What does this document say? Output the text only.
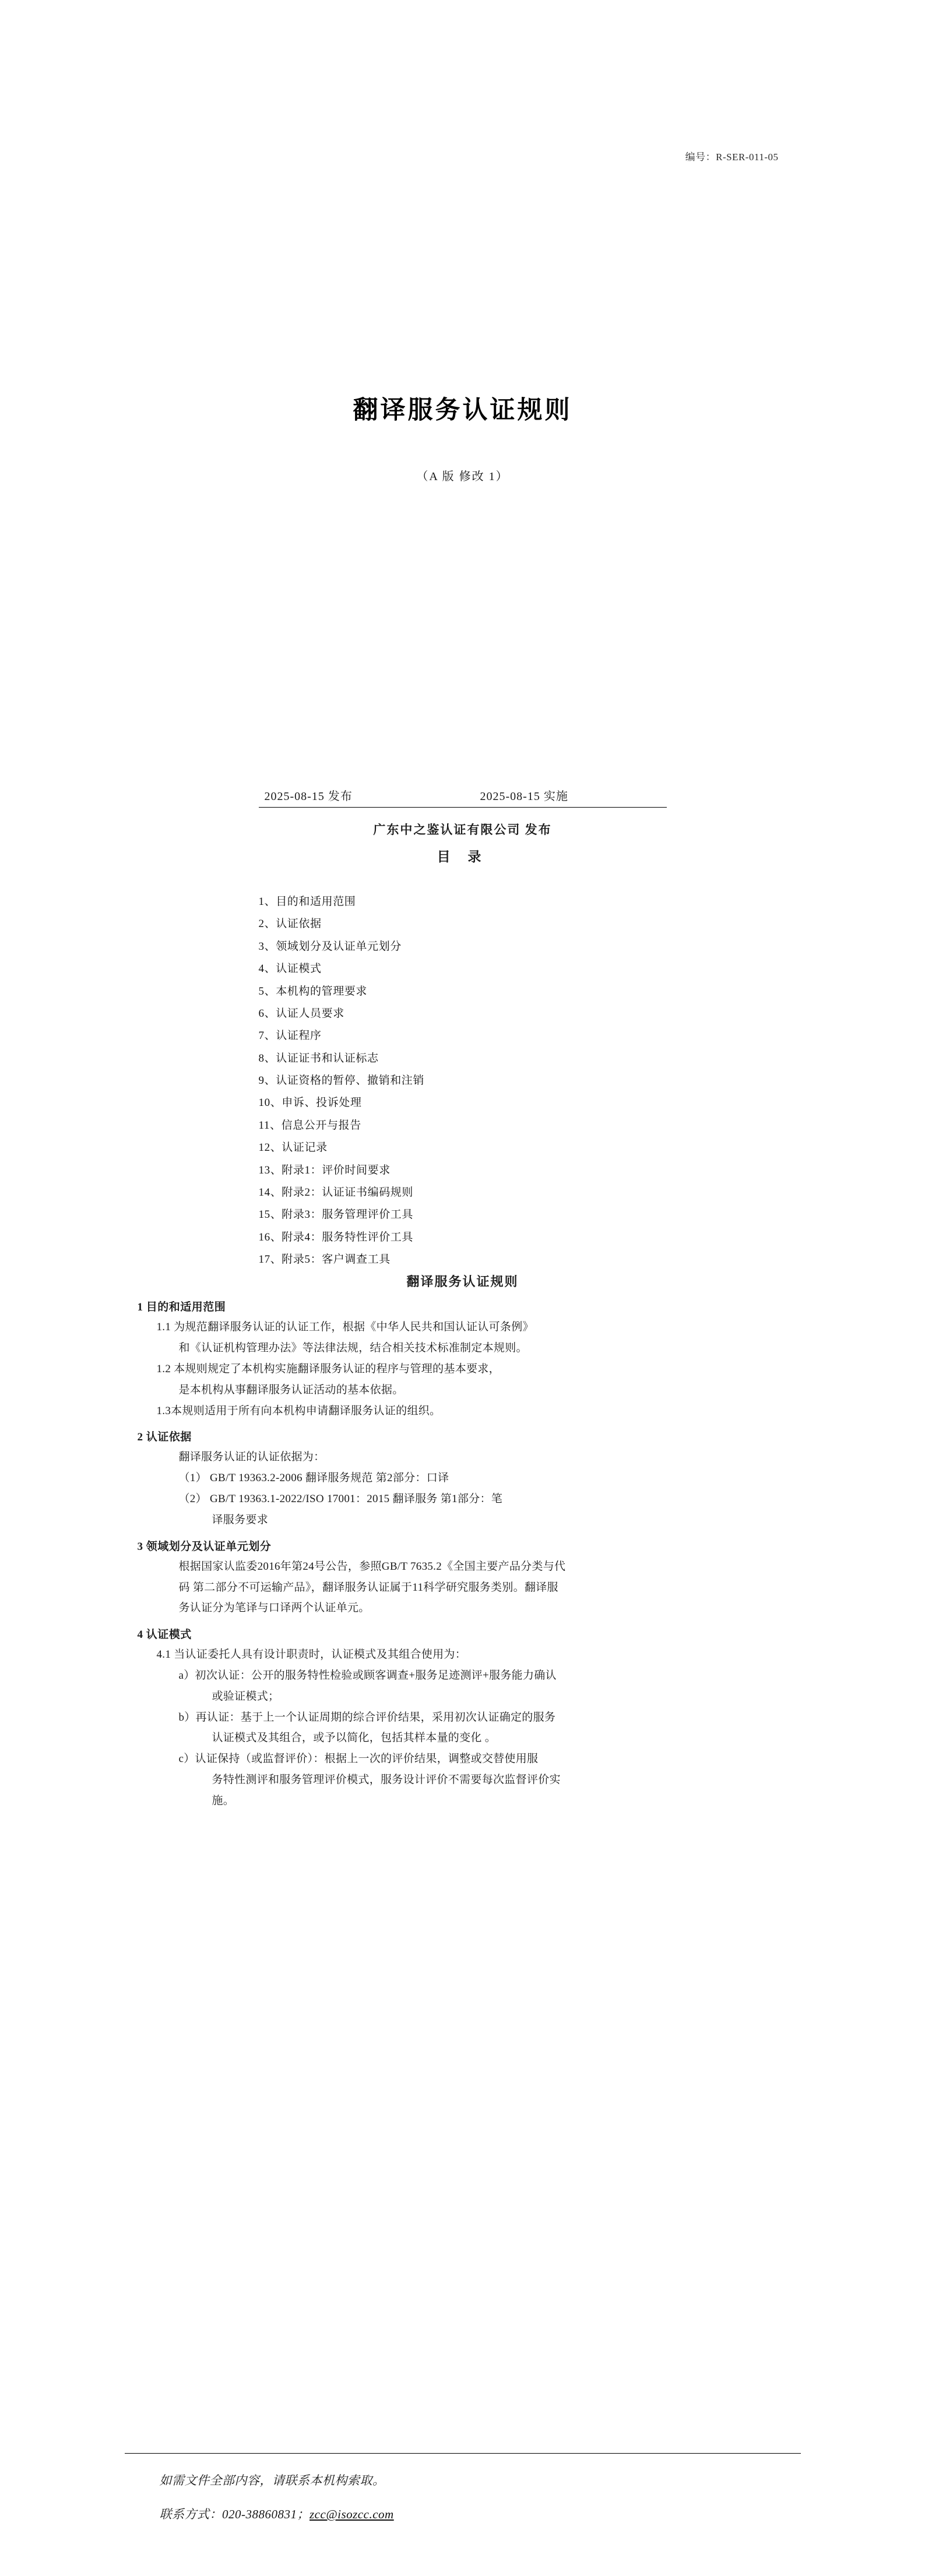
编号：R-SER-011-05
翻译服务认证规则
（A 版 修改 1）
2025-08-15 发布	2025-08-15 实施
广东中之鉴认证有限公司 发布
目 录
1、目的和适用范围
2、认证依据
3、领域划分及认证单元划分
4、认证模式
5、本机构的管理要求
6、认证人员要求
7、认证程序
8、认证证书和认证标志
9、认证资格的暂停、撤销和注销
10、申诉、投诉处理
11、信息公开与报告
12、认证记录
13、附录1：评价时间要求
14、附录2：认证证书编码规则
15、附录3：服务管理评价工具
16、附录4：服务特性评价工具
17、附录5：客户调查工具
翻译服务认证规则
1 目的和适用范围
1.1 为规范翻译服务认证的认证工作，根据《中华人民共和国认证认可条例》
和《认证机构管理办法》等法律法规，结合相关技术标准制定本规则。
1.2 本规则规定了本机构实施翻译服务认证的程序与管理的基本要求，
是本机构从事翻译服务认证活动的基本依据。
1.3本规则适用于所有向本机构申请翻译服务认证的组织。
2 认证依据
翻译服务认证的认证依据为：
（1） GB/T 19363.2-2006 翻译服务规范 第2部分：口译
（2） GB/T 19363.1-2022/ISO 17001：2015 翻译服务 第1部分：笔
译服务要求
3 领域划分及认证单元划分
根据国家认监委2016年第24号公告，参照GB/T 7635.2《全国主要产品分类与代
码 第二部分不可运输产品》，翻译服务认证属于11科学研究服务类别。翻译服
务认证分为笔译与口译两个认证单元。
4 认证模式
4.1 当认证委托人具有设计职责时，认证模式及其组合使用为：
a）初次认证：公开的服务特性检验或顾客调查+服务足迹测评+服务能力确认
或验证模式；
b）再认证：基于上一个认证周期的综合评价结果，采用初次认证确定的服务
认证模式及其组合，或予以简化，包括其样本量的变化 。
c）认证保持（或监督评价）：根据上一次的评价结果，调整或交替使用服
务特性测评和服务管理评价模式，服务设计评价不需要每次监督评价实
施。
如需文件全部内容，请联系本机构索取。
联系方式：020-38860831；zcc@isozcc.com
